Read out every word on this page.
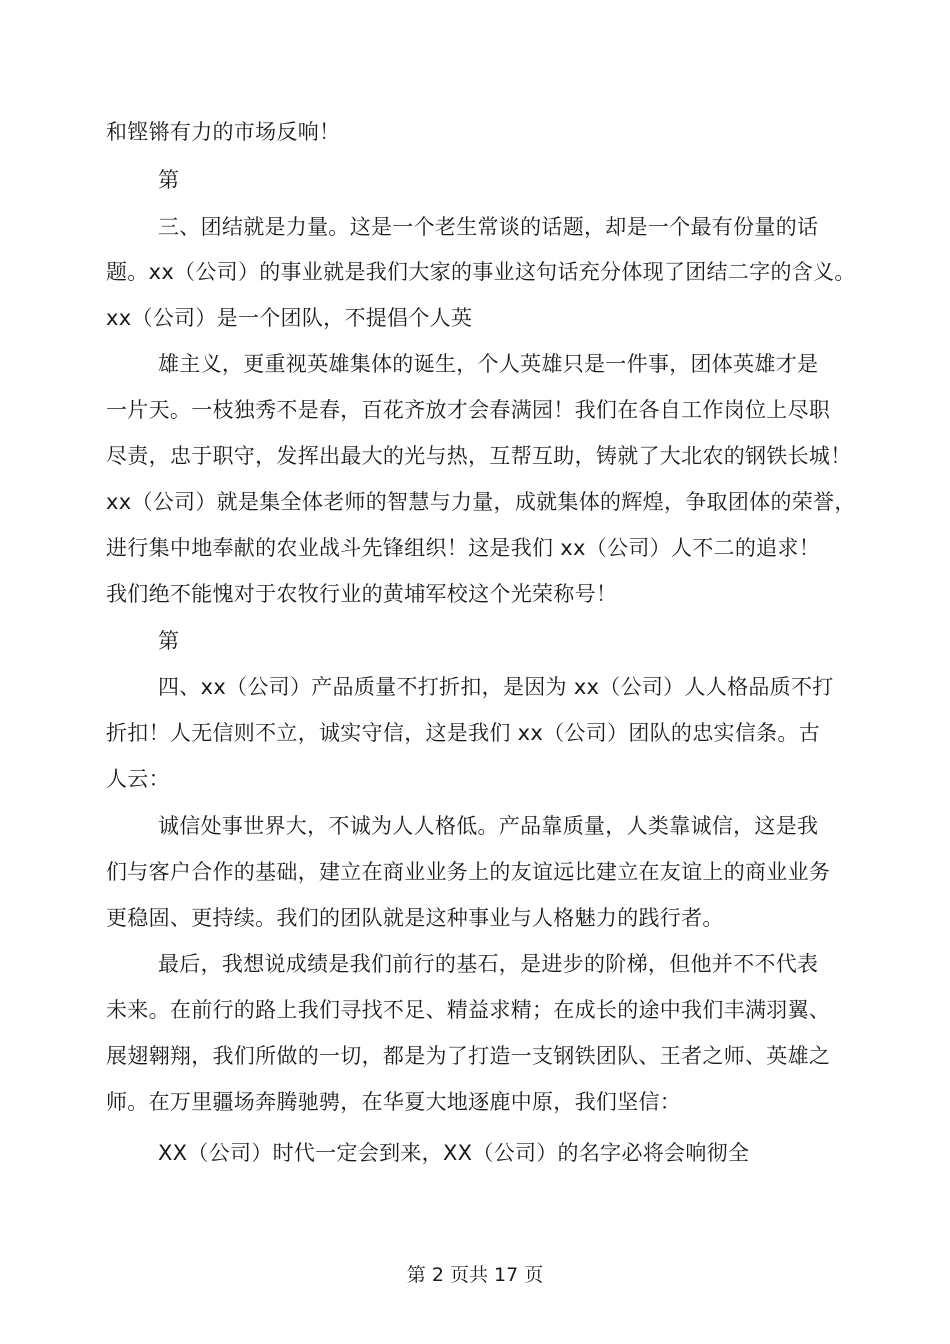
和铿锵有力的市场反响！
第
三、团结就是力量。这是一个老生常谈的话题，却是一个最有份量的话
题。xx（公司）的事业就是我们大家的事业这句话充分体现了团结二字的含义。
xx（公司）是一个团队，不提倡个人英
雄主义，更重视英雄集体的诞生，个人英雄只是一件事，团体英雄才是
一片天。一枝独秀不是春，百花齐放才会春满园！我们在各自工作岗位上尽职
尽责，忠于职守，发挥出最大的光与热，互帮互助，铸就了大北农的钢铁长城！
xx（公司）就是集全体老师的智慧与力量，成就集体的辉煌，争取团体的荣誉，
进行集中地奉献的农业战斗先锋组织！这是我们 xx（公司）人不二的追求！
我们绝不能愧对于农牧行业的黄埔军校这个光荣称号！
第
四、xx（公司）产品质量不打折扣，是因为 xx（公司）人人格品质不打
折扣！人无信则不立，诚实守信，这是我们 xx（公司）团队的忠实信条。古
人云：
诚信处事世界大，不诚为人人格低。产品靠质量，人类靠诚信，这是我
们与客户合作的基础，建立在商业业务上的友谊远比建立在友谊上的商业业务
更稳固、更持续。我们的团队就是这种事业与人格魅力的践行者。
最后，我想说成绩是我们前行的基石，是进步的阶梯，但他并不不代表
未来。在前行的路上我们寻找不足、精益求精；在成长的途中我们丰满羽翼、
展翅翱翔，我们所做的一切，都是为了打造一支钢铁团队、王者之师、英雄之
师。在万里疆场奔腾驰骋，在华夏大地逐鹿中原，我们坚信：
XX（公司）时代一定会到来，XX（公司）的名字必将会响彻全
第 2 页共 17 页
